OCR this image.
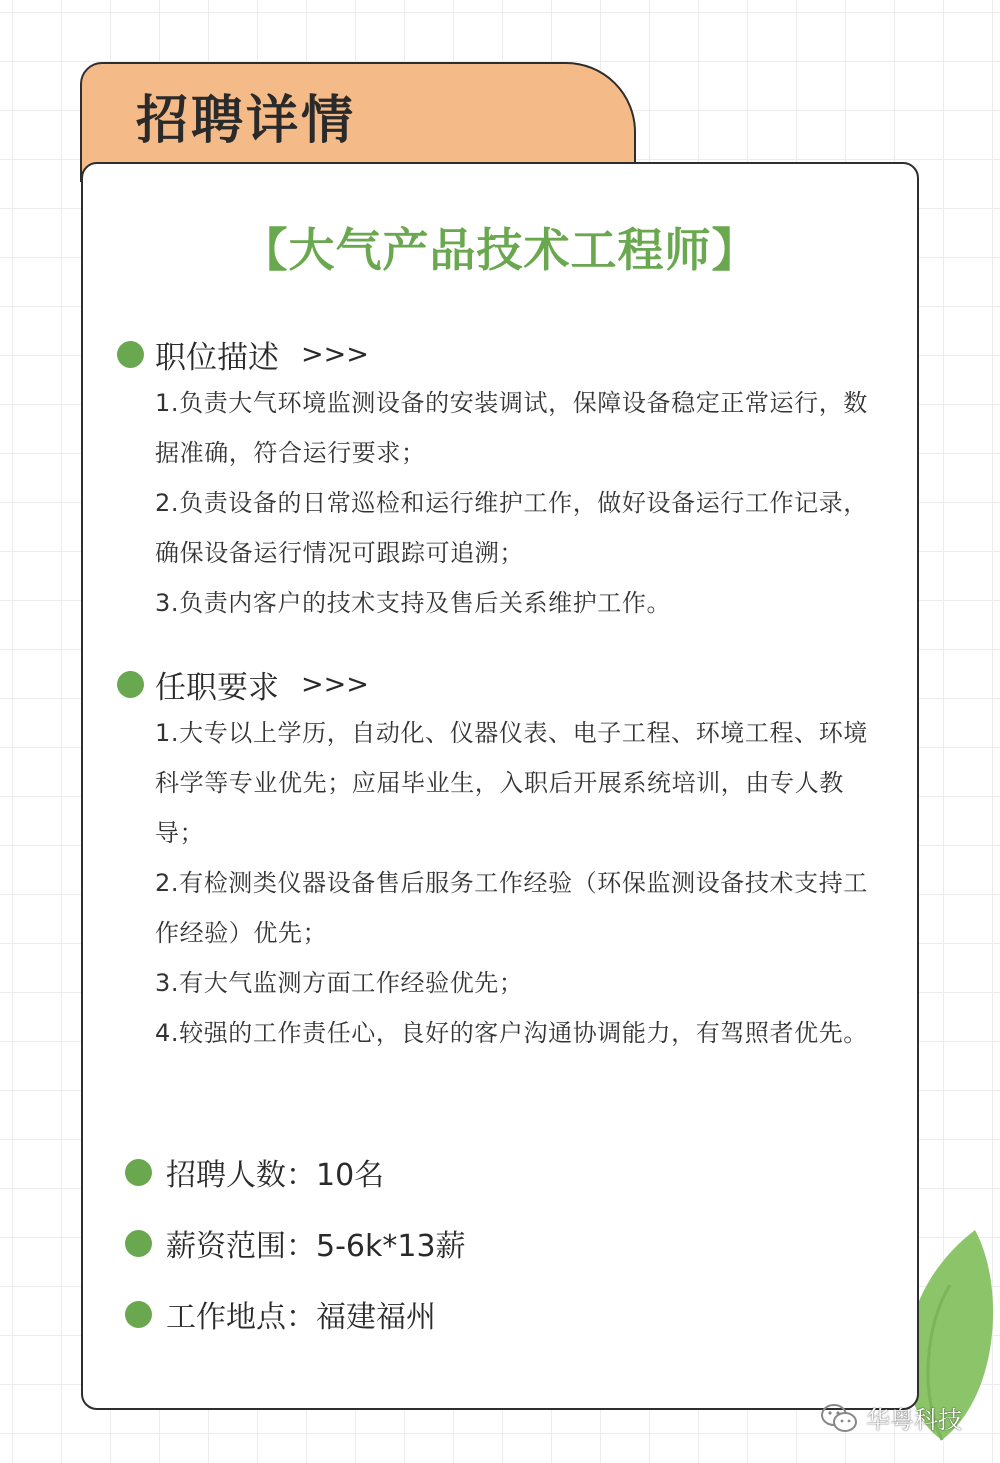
招聘详情
【大气产品技术工程师】
职位描述 >>>

1.负责大气环境监测设备的安装调试，保障设备稳定正常运行，数据准确，符合运行要求；

2.负责设备的日常巡检和运行维护工作，做好设备运行工作记录，确保设备运行情况可跟踪可追溯；

3.负责内客户的技术支持及售后关系维护工作。

任职要求 >>>

1.大专以上学历，自动化、仪器仪表、电子工程、环境工程、环境科学等专业优先；应届毕业生，入职后开展系统培训，由专人教导；

2.有检测类仪器设备售后服务工作经验（环保监测设备技术支持工作经验）优先；

3.有大气监测方面工作经验优先；

4.较强的工作责任心，良好的客户沟通协调能力，有驾照者优先。

招聘人数：10名
薪资范围：5-6k*13薪
工作地点：福建福州
华粤科技
